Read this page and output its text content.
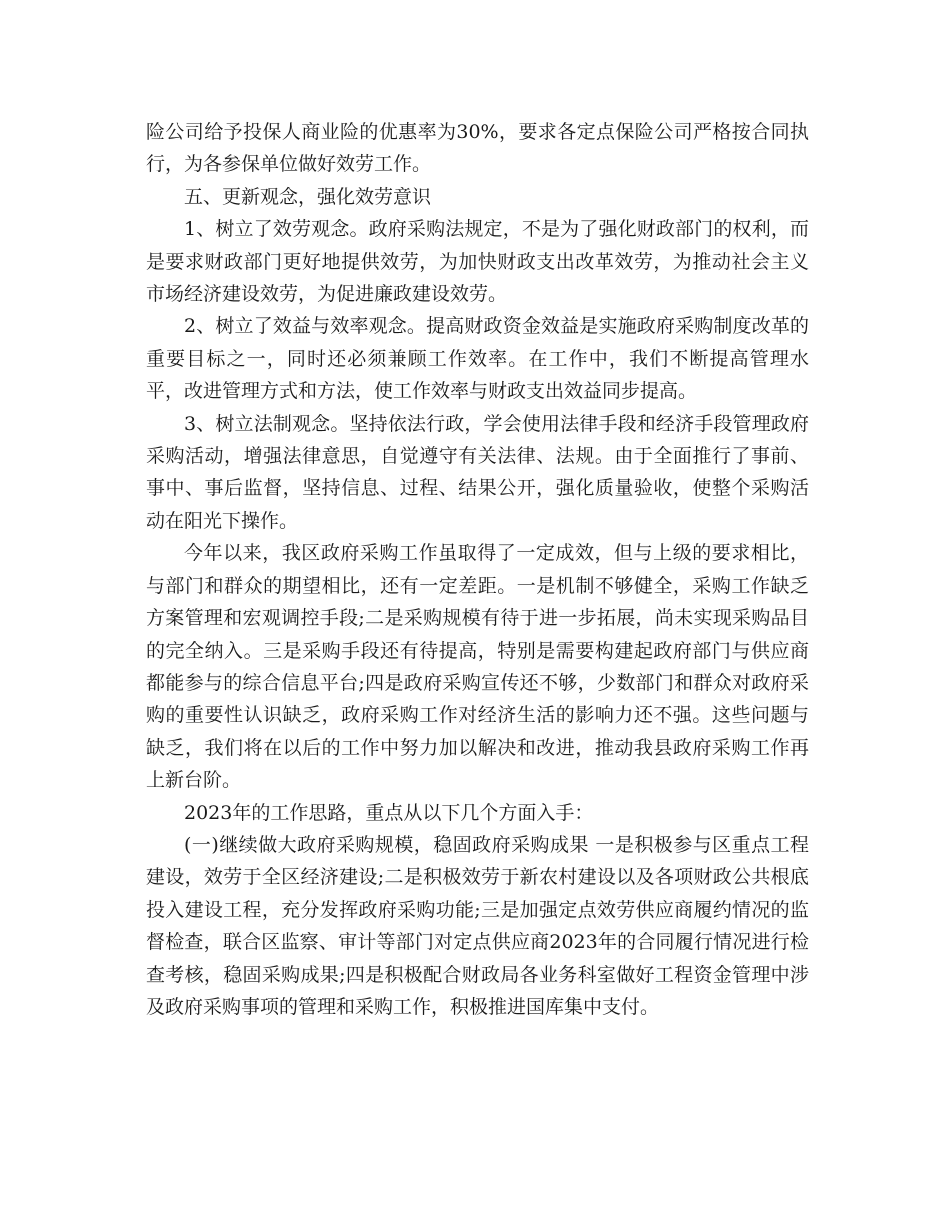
险公司给予投保人商业险的优惠率为30%，要求各定点保险公司严格按合同执行，为各参保单位做好效劳工作。

五、更新观念，强化效劳意识

1、树立了效劳观念。政府采购法规定，不是为了强化财政部门的权利，而是要求财政部门更好地提供效劳，为加快财政支出改革效劳，为推动社会主义市场经济建设效劳，为促进廉政建设效劳。

2、树立了效益与效率观念。提高财政资金效益是实施政府采购制度改革的重要目标之一，同时还必须兼顾工作效率。在工作中，我们不断提高管理水平，改进管理方式和方法，使工作效率与财政支出效益同步提高。

3、树立法制观念。坚持依法行政，学会使用法律手段和经济手段管理政府采购活动，增强法律意思，自觉遵守有关法律、法规。由于全面推行了事前、事中、事后监督，坚持信息、过程、结果公开，强化质量验收，使整个采购活动在阳光下操作。

今年以来，我区政府采购工作虽取得了一定成效，但与上级的要求相比，与部门和群众的期望相比，还有一定差距。一是机制不够健全，采购工作缺乏方案管理和宏观调控手段;二是采购规模有待于进一步拓展，尚未实现采购品目的完全纳入。三是采购手段还有待提高，特别是需要构建起政府部门与供应商都能参与的综合信息平台;四是政府采购宣传还不够，少数部门和群众对政府采购的重要性认识缺乏，政府采购工作对经济生活的影响力还不强。这些问题与缺乏，我们将在以后的工作中努力加以解决和改进，推动我县政府采购工作再上新台阶。

2023年的工作思路，重点从以下几个方面入手：

(一)继续做大政府采购规模，稳固政府采购成果 一是积极参与区重点工程建设，效劳于全区经济建设;二是积极效劳于新农村建设以及各项财政公共根底投入建设工程，充分发挥政府采购功能;三是加强定点效劳供应商履约情况的监督检查，联合区监察、审计等部门对定点供应商2023年的合同履行情况进行检查考核，稳固采购成果;四是积极配合财政局各业务科室做好工程资金管理中涉及政府采购事项的管理和采购工作，积极推进国库集中支付。
